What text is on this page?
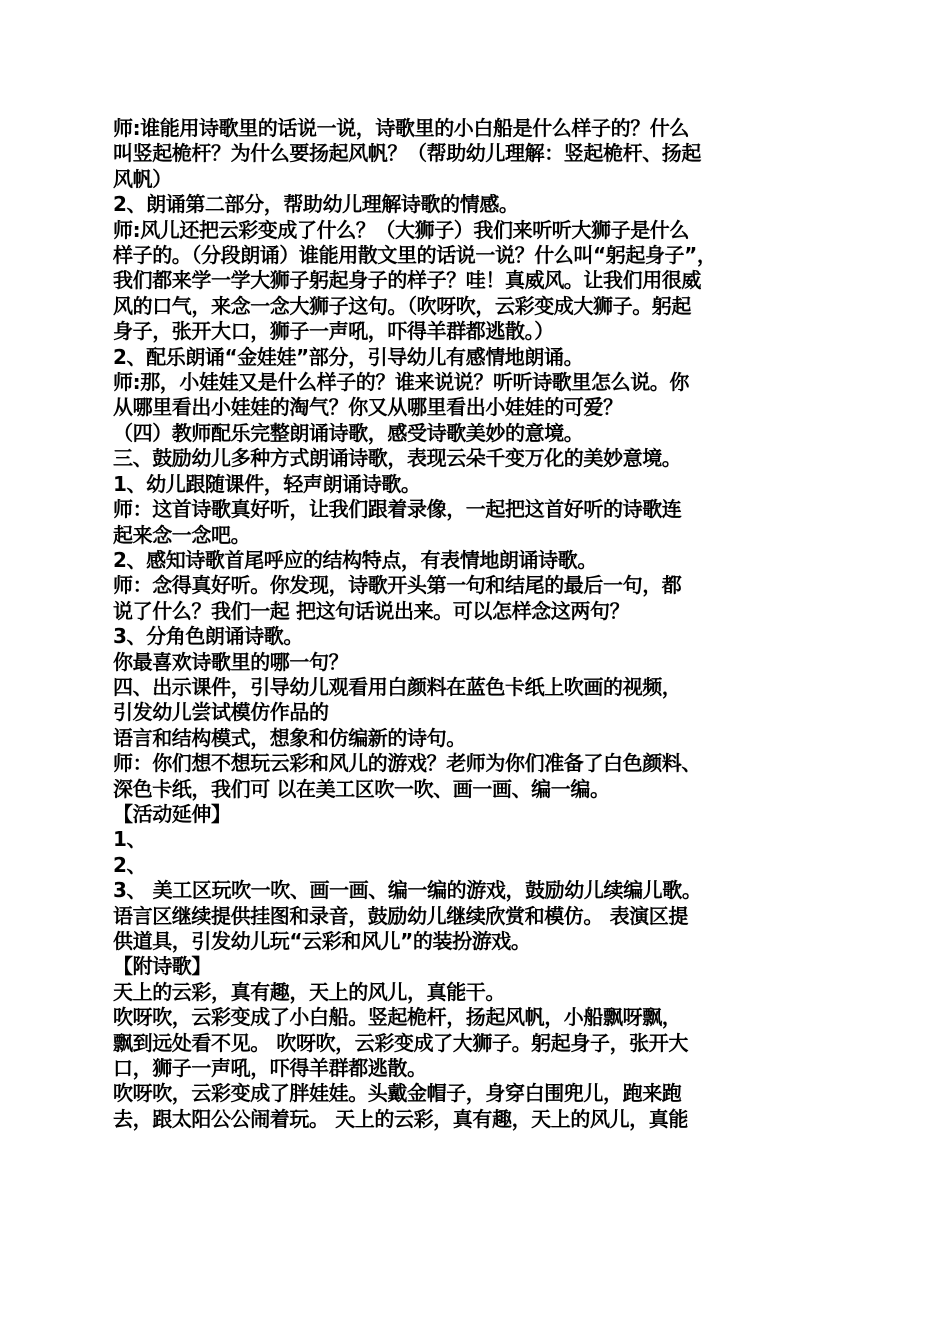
师:谁能用诗歌里的话说一说，诗歌里的小白船是什么样子的？什么
叫竖起桅杆？为什么要扬起风帆？（帮助幼儿理解：竖起桅杆、扬起
风帆）
2、朗诵第二部分，帮助幼儿理解诗歌的情感。
师:风儿还把云彩变成了什么？（大狮子）我们来听听大狮子是什么
样子的。（分段朗诵）谁能用散文里的话说一说？什么叫“躬起身子”，
我们都来学一学大狮子躬起身子的样子？哇！真威风。让我们用很威
风的口气，来念一念大狮子这句。（吹呀吹，云彩变成大狮子。躬起
身子，张开大口，狮子一声吼，吓得羊群都逃散。）
2、配乐朗诵“金娃娃”部分，引导幼儿有感情地朗诵。
师:那，小娃娃又是什么样子的？谁来说说？听听诗歌里怎么说。你
从哪里看出小娃娃的淘气？你又从哪里看出小娃娃的可爱？
（四）教师配乐完整朗诵诗歌，感受诗歌美妙的意境。
三、鼓励幼儿多种方式朗诵诗歌，表现云朵千变万化的美妙意境。
1、幼儿跟随课件，轻声朗诵诗歌。
师：这首诗歌真好听，让我们跟着录像，一起把这首好听的诗歌连
起来念一念吧。
2、感知诗歌首尾呼应的结构特点，有表情地朗诵诗歌。
师：念得真好听。你发现，诗歌开头第一句和结尾的最后一句，都
说了什么？我们一起 把这句话说出来。可以怎样念这两句？
3、分角色朗诵诗歌。
你最喜欢诗歌里的哪一句？
四、出示课件，引导幼儿观看用白颜料在蓝色卡纸上吹画的视频，
引发幼儿尝试模仿作品的
语言和结构模式，想象和仿编新的诗句。
师：你们想不想玩云彩和风儿的游戏？老师为你们准备了白色颜料、
深色卡纸，我们可 以在美工区吹一吹、画一画、编一编。
【活动延伸】
1、
2、
3、 美工区玩吹一吹、画一画、编一编的游戏，鼓励幼儿续编儿歌。
语言区继续提供挂图和录音，鼓励幼儿继续欣赏和模仿。 表演区提
供道具，引发幼儿玩“云彩和风儿”的装扮游戏。
【附诗歌】
天上的云彩，真有趣，天上的风儿，真能干。
吹呀吹，云彩变成了小白船。竖起桅杆，扬起风帆，小船飘呀飘，
飘到远处看不见。 吹呀吹，云彩变成了大狮子。躬起身子，张开大
口，狮子一声吼，吓得羊群都逃散。
吹呀吹，云彩变成了胖娃娃。头戴金帽子，身穿白围兜儿，跑来跑
去，跟太阳公公闹着玩。 天上的云彩，真有趣，天上的风儿，真能
